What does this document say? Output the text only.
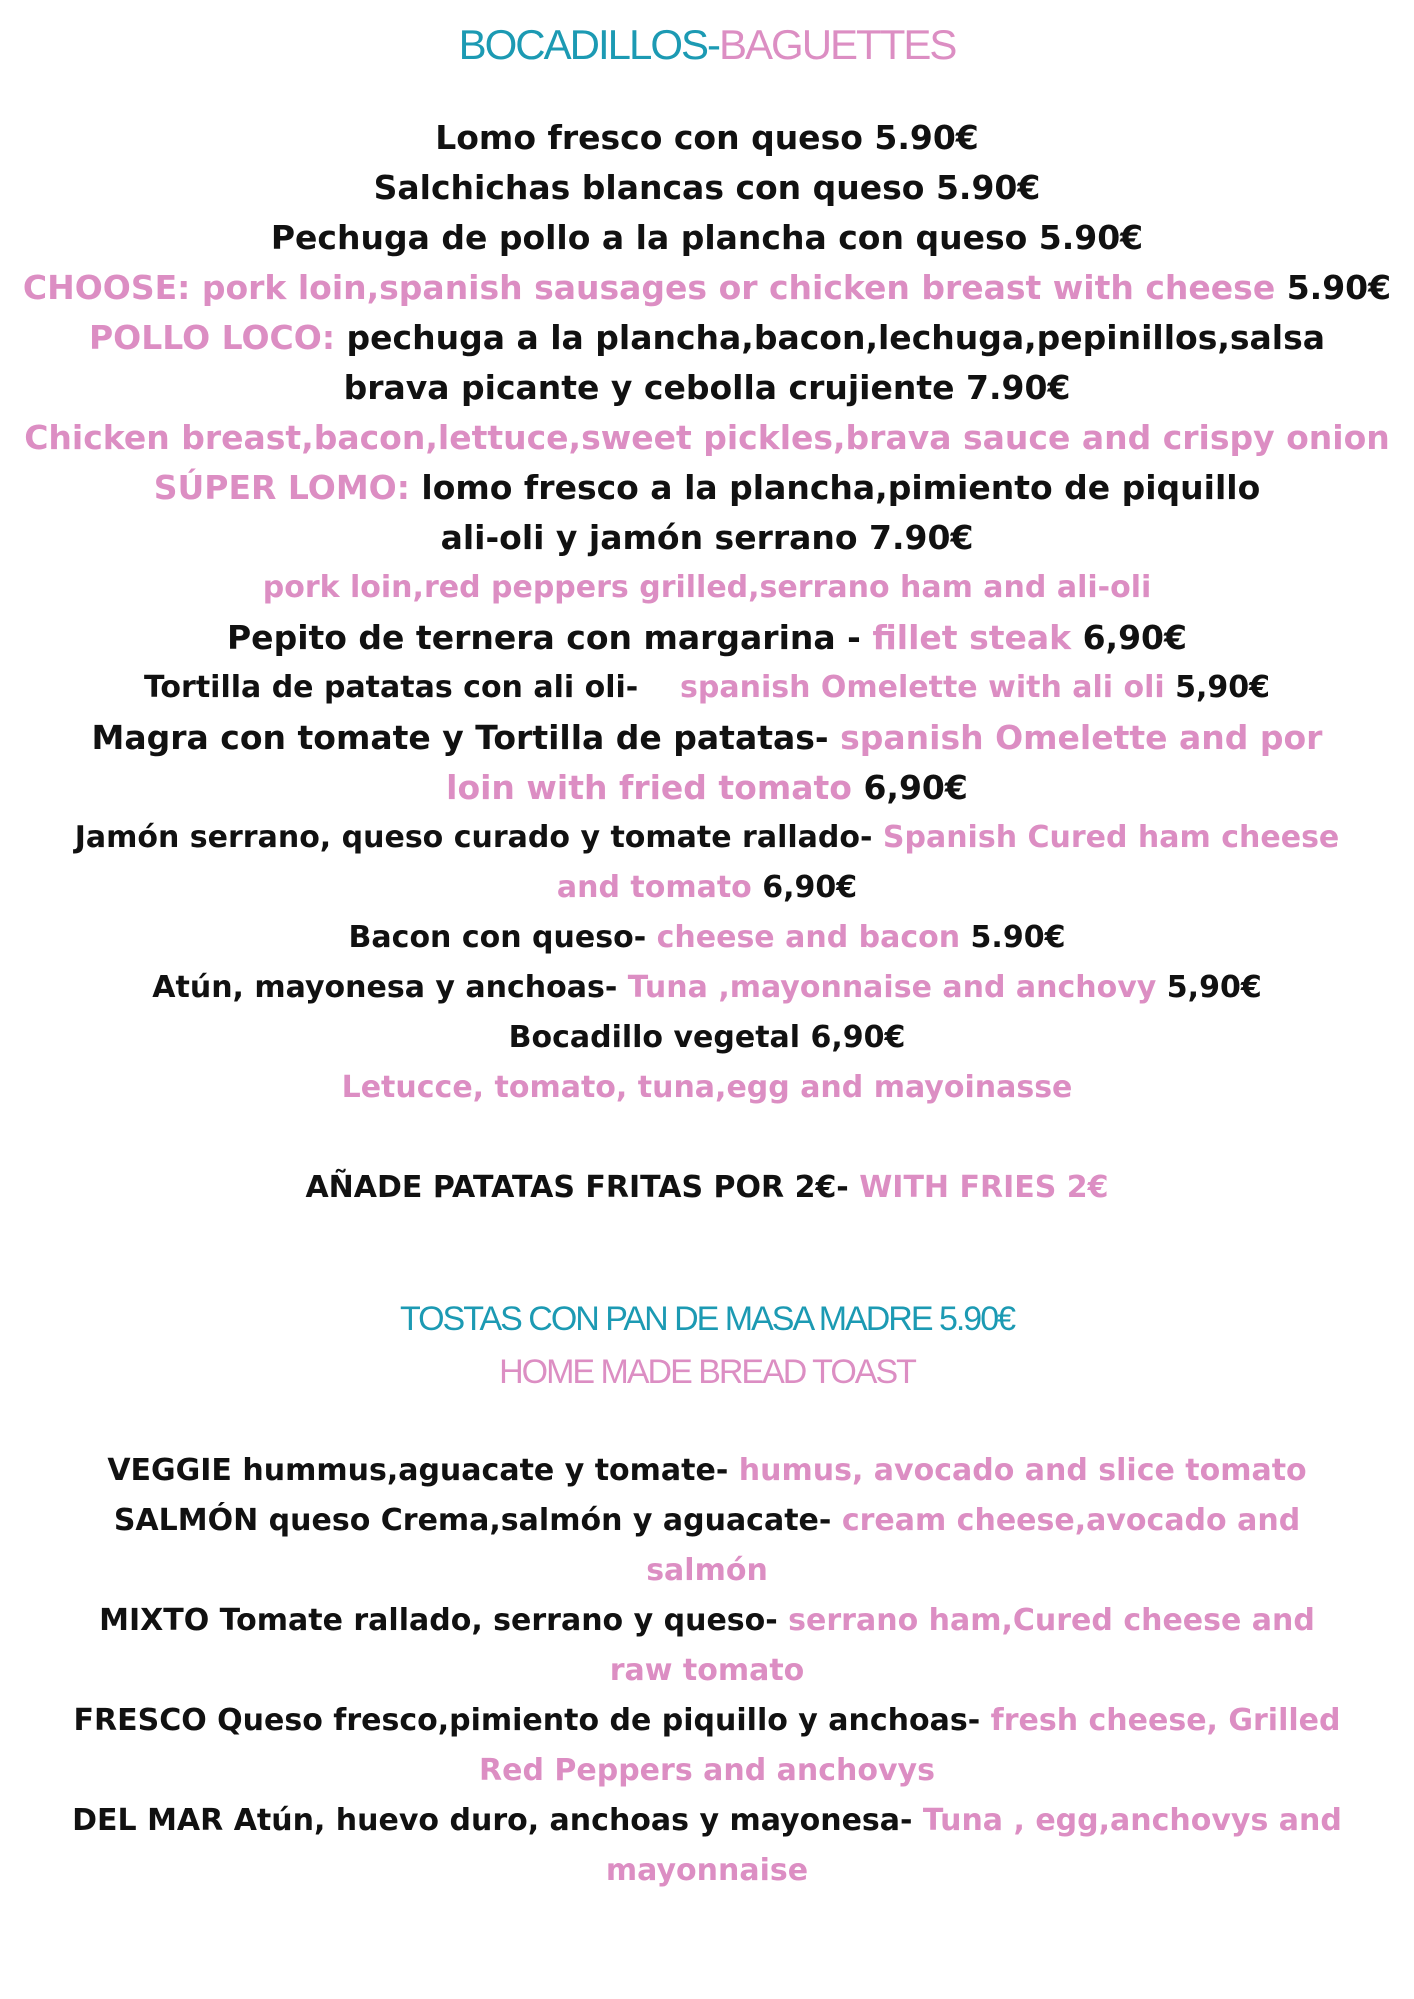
BOCADILLOS-BAGUETTES
Lomo fresco con queso 5.90€
Salchichas blancas con queso 5.90€
Pechuga de pollo a la plancha con queso 5.90€
CHOOSE: pork loin,spanish sausages or chicken breast with cheese 5.90€
POLLO LOCO: pechuga a la plancha,bacon,lechuga,pepinillos,salsa
brava picante y cebolla crujiente 7.90€
Chicken breast,bacon,lettuce,sweet pickles,brava sauce and crispy onion
SÚPER LOMO: lomo fresco a la plancha,pimiento de piquillo
ali-oli y jamón serrano 7.90€
pork loin,red peppers grilled,serrano ham and ali-oli
Pepito de ternera con margarina - fillet steak 6,90€
Tortilla de patatas con ali oli- spanish Omelette with ali oli 5,90€
Magra con tomate y Tortilla de patatas- spanish Omelette and por
loin with fried tomato 6,90€
Jamón serrano, queso curado y tomate rallado- Spanish Cured ham cheese
and tomato 6,90€
Bacon con queso- cheese and bacon 5.90€
Atún, mayonesa y anchoas- Tuna ,mayonnaise and anchovy 5,90€
Bocadillo vegetal 6,90€
Letucce, tomato, tuna,egg and mayoinasse
AÑADE PATATAS FRITAS POR 2€- WITH FRIES 2€
TOSTAS CON PAN DE MASA MADRE 5.90€
HOME MADE BREAD TOAST
VEGGIE hummus,aguacate y tomate- humus, avocado and slice tomato
SALMÓN queso Crema,salmón y aguacate- cream cheese,avocado and
salmón
MIXTO Tomate rallado, serrano y queso- serrano ham,Cured cheese and
raw tomato
FRESCO Queso fresco,pimiento de piquillo y anchoas- fresh cheese, Grilled
Red Peppers and anchovys
DEL MAR Atún, huevo duro, anchoas y mayonesa- Tuna , egg,anchovys and
mayonnaise
